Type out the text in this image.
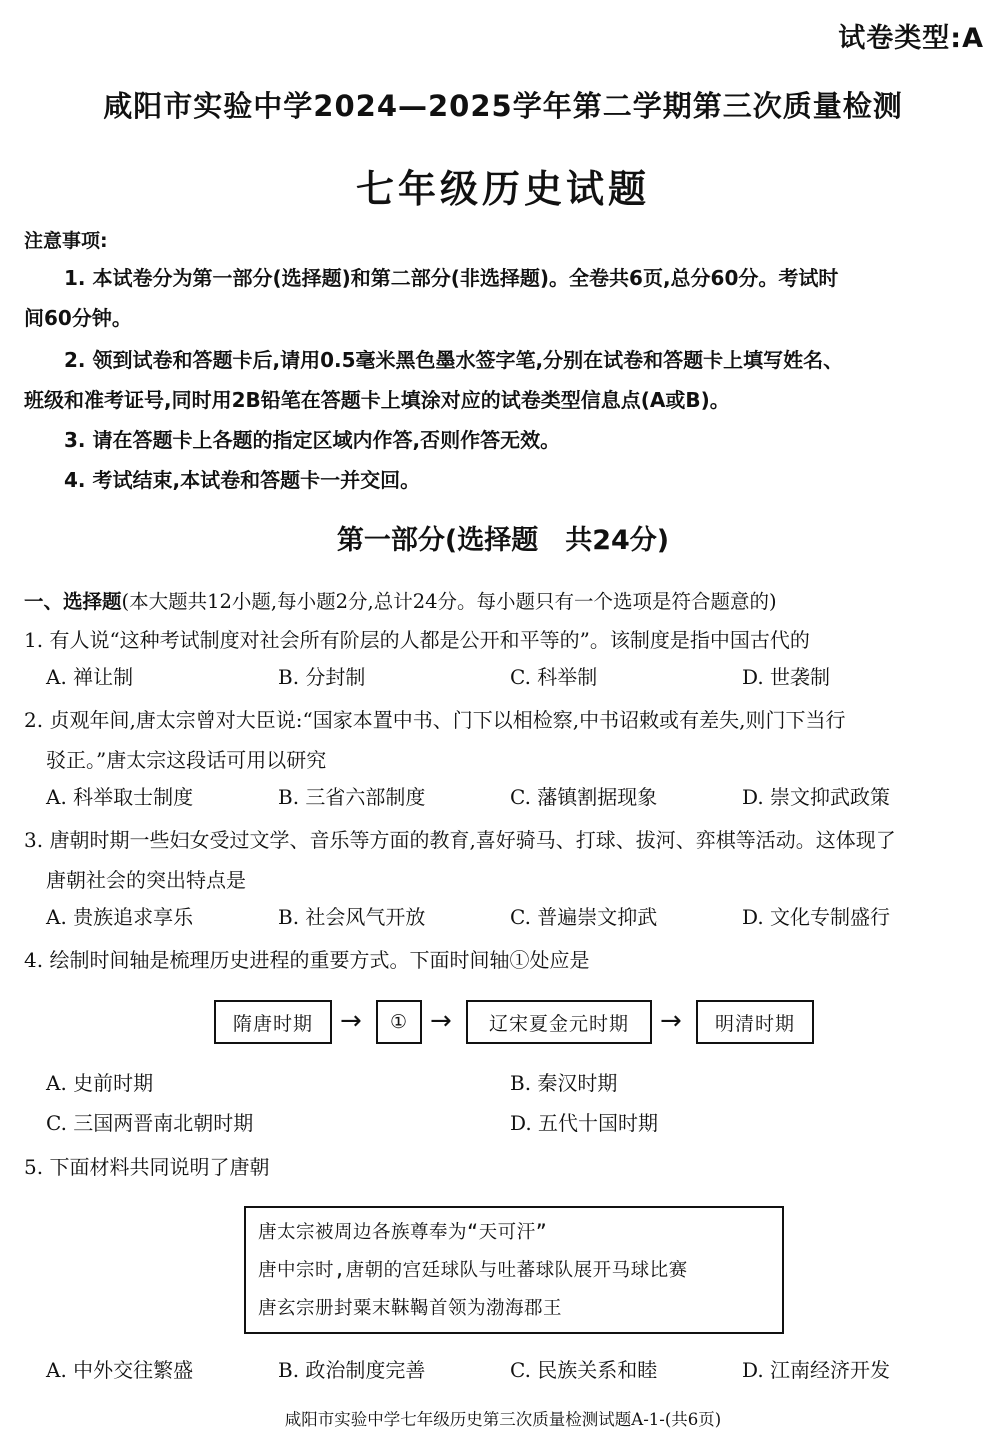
试卷类型:A
咸阳市实验中学2024—2025学年第二学期第三次质量检测
七年级历史试题
注意事项:
1. 本试卷分为第一部分(选择题)和第二部分(非选择题)。全卷共6页,总分60分。考试时
间60分钟。
2. 领到试卷和答题卡后,请用0.5毫米黑色墨水签字笔,分别在试卷和答题卡上填写姓名、
班级和准考证号,同时用2B铅笔在答题卡上填涂对应的试卷类型信息点(A或B)。
3. 请在答题卡上各题的指定区域内作答,否则作答无效。
4. 考试结束,本试卷和答题卡一并交回。
第一部分(选择题　共24分)
一、选择题(本大题共12小题,每小题2分,总计24分。每小题只有一个选项是符合题意的)
1. 有人说“这种考试制度对社会所有阶层的人都是公开和平等的”。该制度是指中国古代的
A. 禅让制	B. 分封制	C. 科举制	D. 世袭制
2. 贞观年间,唐太宗曾对大臣说:“国家本置中书、门下以相检察,中书诏敕或有差失,则门下当行
驳正。”唐太宗这段话可用以研究
A. 科举取士制度	B. 三省六部制度	C. 藩镇割据现象	D. 崇文抑武政策
3. 唐朝时期一些妇女受过文学、音乐等方面的教育,喜好骑马、打球、拔河、弈棋等活动。这体现了
唐朝社会的突出特点是
A. 贵族追求享乐	B. 社会风气开放	C. 普遍崇文抑武	D. 文化专制盛行
4. 绘制时间轴是梳理历史进程的重要方式。下面时间轴①处应是
隋唐时期	→	① →	辽宋夏金元时期	→	明清时期
A. 史前时期	B. 秦汉时期
C. 三国两晋南北朝时期	D. 五代十国时期
5. 下面材料共同说明了唐朝
唐太宗被周边各族尊奉为“天可汗”
唐中宗时,唐朝的宫廷球队与吐蕃球队展开马球比赛
唐玄宗册封粟末靺鞨首领为渤海郡王
A. 中外交往繁盛	B. 政治制度完善	C. 民族关系和睦	D. 江南经济开发
咸阳市实验中学七年级历史第三次质量检测试题A-1-(共6页)
